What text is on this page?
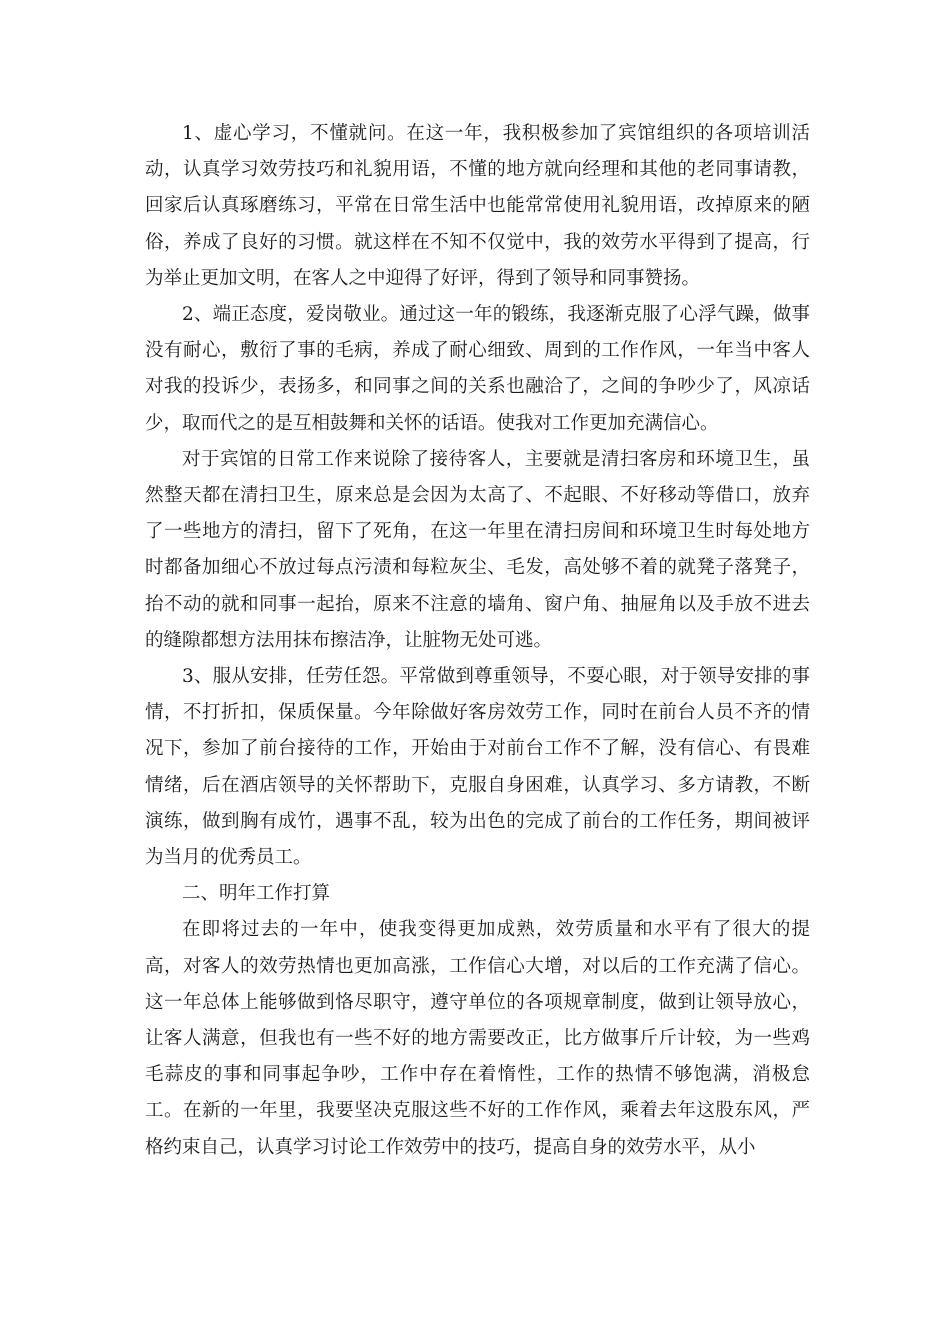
1、虚心学习，不懂就问。在这一年，我积极参加了宾馆组织的各项培训活动，认真学习效劳技巧和礼貌用语，不懂的地方就向经理和其他的老同事请教，回家后认真琢磨练习，平常在日常生活中也能常常使用礼貌用语，改掉原来的陋俗，养成了良好的习惯。就这样在不知不仅觉中，我的效劳水平得到了提高，行为举止更加文明，在客人之中迎得了好评，得到了领导和同事赞扬。

2、端正态度，爱岗敬业。通过这一年的锻练，我逐渐克服了心浮气躁，做事没有耐心，敷衍了事的毛病，养成了耐心细致、周到的工作作风，一年当中客人对我的投诉少，表扬多，和同事之间的关系也融洽了，之间的争吵少了，风凉话少，取而代之的是互相鼓舞和关怀的话语。使我对工作更加充满信心。

对于宾馆的日常工作来说除了接待客人，主要就是清扫客房和环境卫生，虽然整天都在清扫卫生，原来总是会因为太高了、不起眼、不好移动等借口，放弃了一些地方的清扫，留下了死角，在这一年里在清扫房间和环境卫生时每处地方时都备加细心不放过每点污渍和每粒灰尘、毛发，高处够不着的就凳子落凳子，抬不动的就和同事一起抬，原来不注意的墙角、窗户角、抽屉角以及手放不进去的缝隙都想方法用抹布擦洁净，让脏物无处可逃。

3、服从安排，任劳任怨。平常做到尊重领导，不耍心眼，对于领导安排的事情，不打折扣，保质保量。今年除做好客房效劳工作，同时在前台人员不齐的情况下，参加了前台接待的工作，开始由于对前台工作不了解，没有信心、有畏难情绪，后在酒店领导的关怀帮助下，克服自身困难，认真学习、多方请教，不断演练，做到胸有成竹，遇事不乱，较为出色的完成了前台的工作任务，期间被评为当月的优秀员工。

二、明年工作打算

在即将过去的一年中，使我变得更加成熟，效劳质量和水平有了很大的提高，对客人的效劳热情也更加高涨，工作信心大增，对以后的工作充满了信心。这一年总体上能够做到恪尽职守，遵守单位的各项规章制度，做到让领导放心，让客人满意，但我也有一些不好的地方需要改正，比方做事斤斤计较，为一些鸡毛蒜皮的事和同事起争吵，工作中存在着惰性，工作的热情不够饱满，消极怠工。在新的一年里，我要坚决克服这些不好的工作作风，乘着去年这股东风，严格约束自己，认真学习讨论工作效劳中的技巧，提高自身的效劳水平，从小
